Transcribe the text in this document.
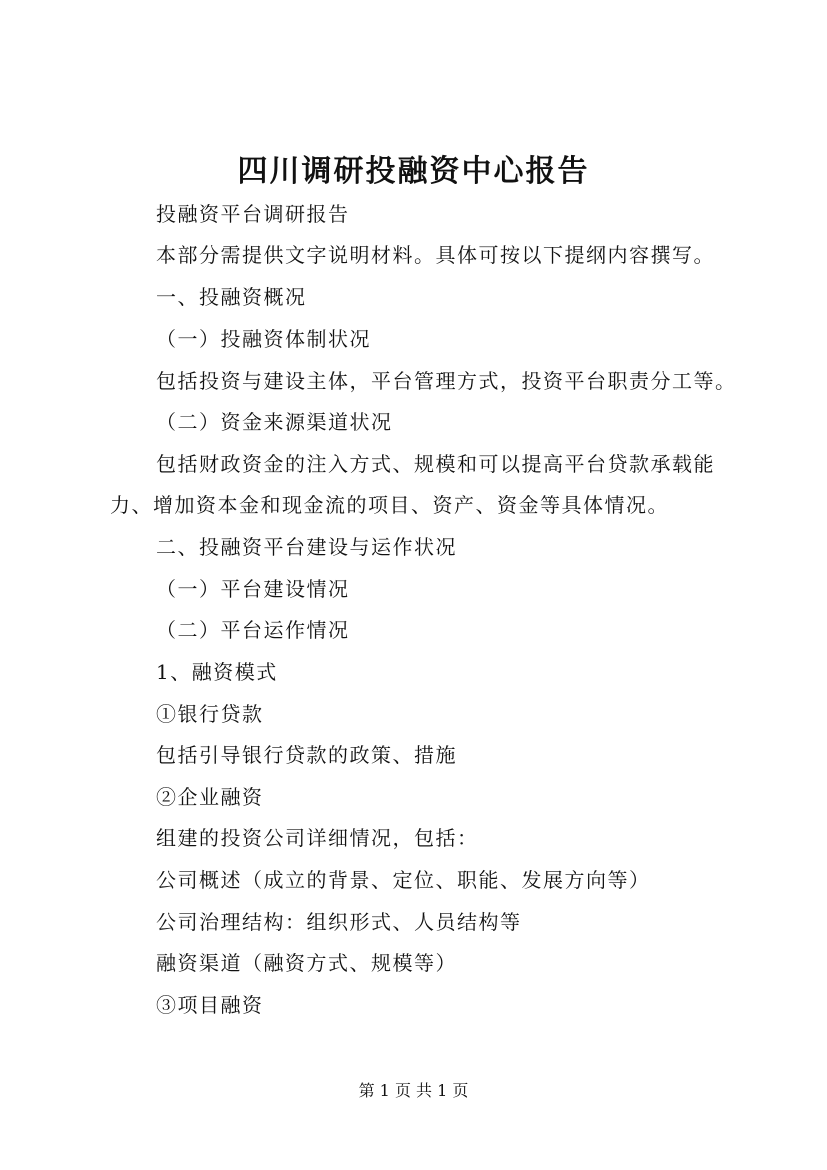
四川调研投融资中心报告
投融资平台调研报告
本部分需提供文字说明材料。具体可按以下提纲内容撰写。
一、投融资概况
（一）投融资体制状况
包括投资与建设主体，平台管理方式，投资平台职责分工等。
（二）资金来源渠道状况
包括财政资金的注入方式、规模和可以提高平台贷款承载能
力、增加资本金和现金流的项目、资产、资金等具体情况。
二、投融资平台建设与运作状况
（一）平台建设情况
（二）平台运作情况
1、融资模式
①银行贷款
包括引导银行贷款的政策、措施
②企业融资
组建的投资公司详细情况，包括：
公司概述（成立的背景、定位、职能、发展方向等）
公司治理结构：组织形式、人员结构等
融资渠道（融资方式、规模等）
③项目融资
第 1 页 共 1 页
